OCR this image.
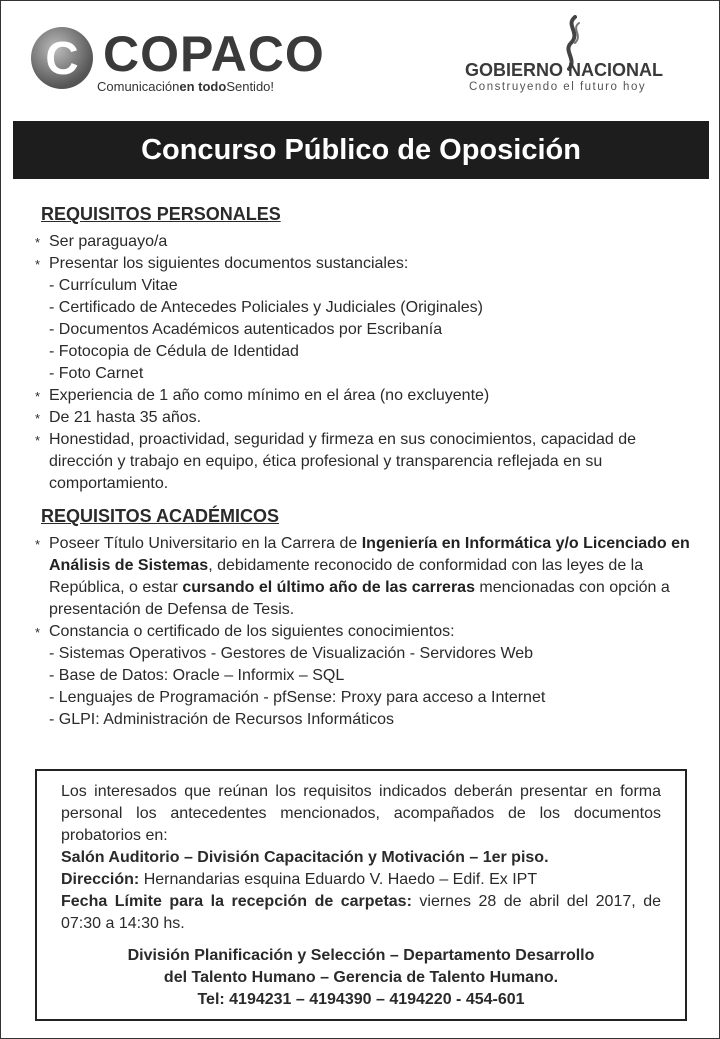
C COPACO
Comunicaciónen todoSentido!
GOBIERNO NACIONAL
Construyendo el futuro hoy
Concurso Público de Oposición
REQUISITOS PERSONALES
* Ser paraguayo/a
* Presentar los siguientes documentos sustanciales:
- Currículum Vitae
- Certificado de Antecedes Policiales y Judiciales (Originales)
- Documentos Académicos autenticados por Escribanía
- Fotocopia de Cédula de Identidad
- Foto Carnet
* Experiencia de 1 año como mínimo en el área (no excluyente)
* De 21 hasta 35 años.
* Honestidad, proactividad, seguridad y firmeza en sus conocimientos, capacidad de dirección y trabajo en equipo, ética profesional y transparencia reflejada en su comportamiento.
REQUISITOS ACADÉMICOS
* Poseer Título Universitario en la Carrera de Ingeniería en Informática y/o Licenciado en Análisis de Sistemas, debidamente reconocido de conformidad con las leyes de la República, o estar cursando el último año de las carreras mencionadas con opción a presentación de Defensa de Tesis.
* Constancia o certificado de los siguientes conocimientos:
- Sistemas Operativos - Gestores de Visualización - Servidores Web
- Base de Datos: Oracle – Informix – SQL
- Lenguajes de Programación - pfSense: Proxy para acceso a Internet
- GLPI: Administración de Recursos Informáticos

Los interesados que reúnan los requisitos indicados deberán presentar en forma personal los antecedentes mencionados, acompañados de los documentos probatorios en:

Salón Auditorio – División Capacitación y Motivación – 1er piso.

Dirección: Hernandarias esquina Eduardo V. Haedo – Edif. Ex IPT

Fecha Límite para la recepción de carpetas: viernes 28 de abril del 2017, de 07:30 a 14:30 hs.

División Planificación y Selección – Departamento Desarrollo
del Talento Humano – Gerencia de Talento Humano.
Tel: 4194231 – 4194390 – 4194220 - 454-601
